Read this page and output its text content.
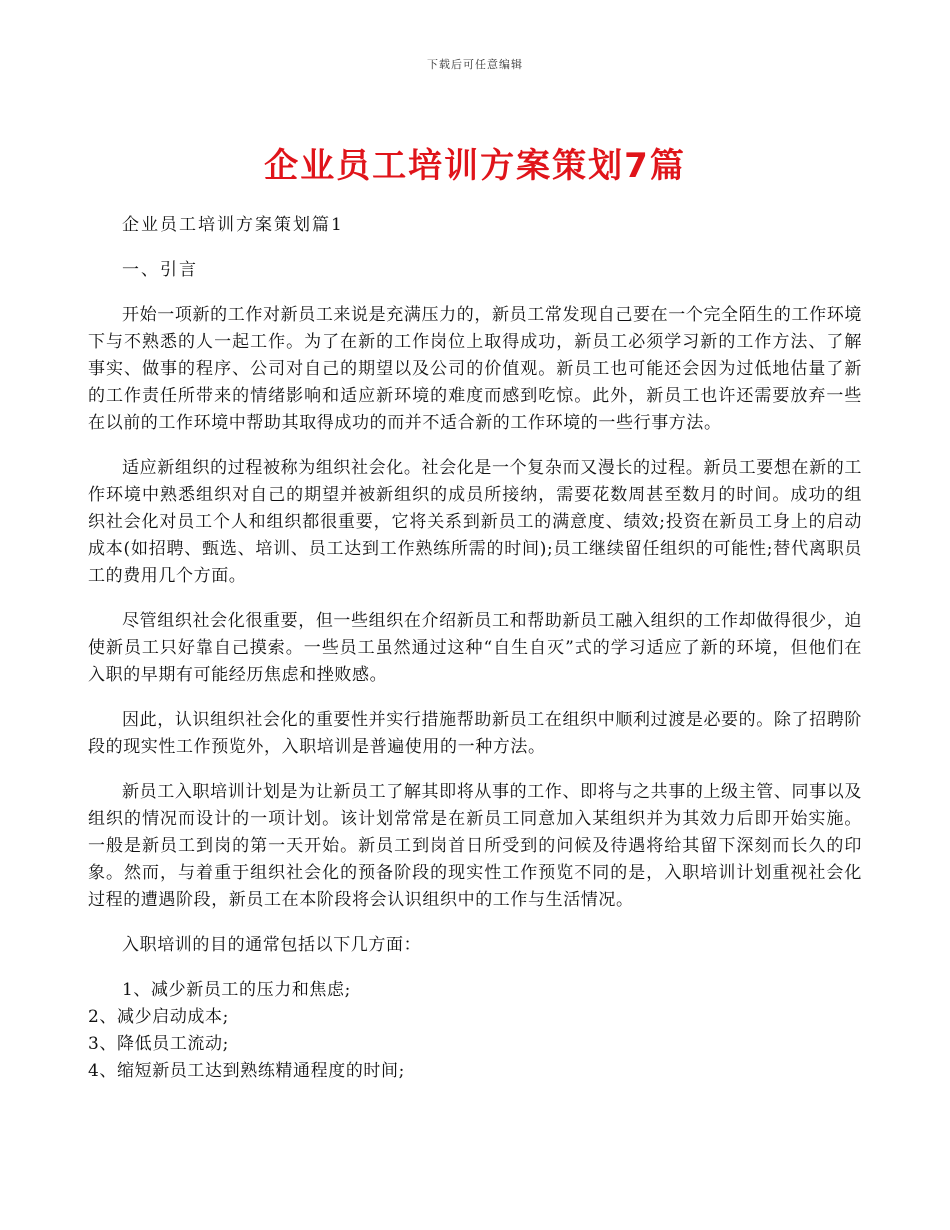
下载后可任意编辑
企业员工培训方案策划7篇

企业员工培训方案策划篇1

一、引言

开始一项新的工作对新员工来说是充满压力的，新员工常发现自己要在一个完全陌生的工作环境下与不熟悉的人一起工作。为了在新的工作岗位上取得成功，新员工必须学习新的工作方法、了解事实、做事的程序、公司对自己的期望以及公司的价值观。新员工也可能还会因为过低地估量了新的工作责任所带来的情绪影响和适应新环境的难度而感到吃惊。此外，新员工也许还需要放弃一些在以前的工作环境中帮助其取得成功的而并不适合新的工作环境的一些行事方法。

适应新组织的过程被称为组织社会化。社会化是一个复杂而又漫长的过程。新员工要想在新的工作环境中熟悉组织对自己的期望并被新组织的成员所接纳，需要花数周甚至数月的时间。成功的组织社会化对员工个人和组织都很重要，它将关系到新员工的满意度、绩效;投资在新员工身上的启动成本(如招聘、甄选、培训、员工达到工作熟练所需的时间);员工继续留任组织的可能性;替代离职员工的费用几个方面。

尽管组织社会化很重要，但一些组织在介绍新员工和帮助新员工融入组织的工作却做得很少，迫使新员工只好靠自己摸索。一些员工虽然通过这种“自生自灭”式的学习适应了新的环境，但他们在入职的早期有可能经历焦虑和挫败感。

因此，认识组织社会化的重要性并实行措施帮助新员工在组织中顺利过渡是必要的。除了招聘阶段的现实性工作预览外，入职培训是普遍使用的一种方法。

新员工入职培训计划是为让新员工了解其即将从事的工作、即将与之共事的上级主管、同事以及组织的情况而设计的一项计划。该计划常常是在新员工同意加入某组织并为其效力后即开始实施。一般是新员工到岗的第一天开始。新员工到岗首日所受到的问候及待遇将给其留下深刻而长久的印象。然而，与着重于组织社会化的预备阶段的现实性工作预览不同的是，入职培训计划重视社会化过程的遭遇阶段，新员工在本阶段将会认识组织中的工作与生活情况。

入职培训的目的通常包括以下几方面：

1、减少新员工的压力和焦虑;
2、减少启动成本;
3、降低员工流动;
4、缩短新员工达到熟练精通程度的时间;
